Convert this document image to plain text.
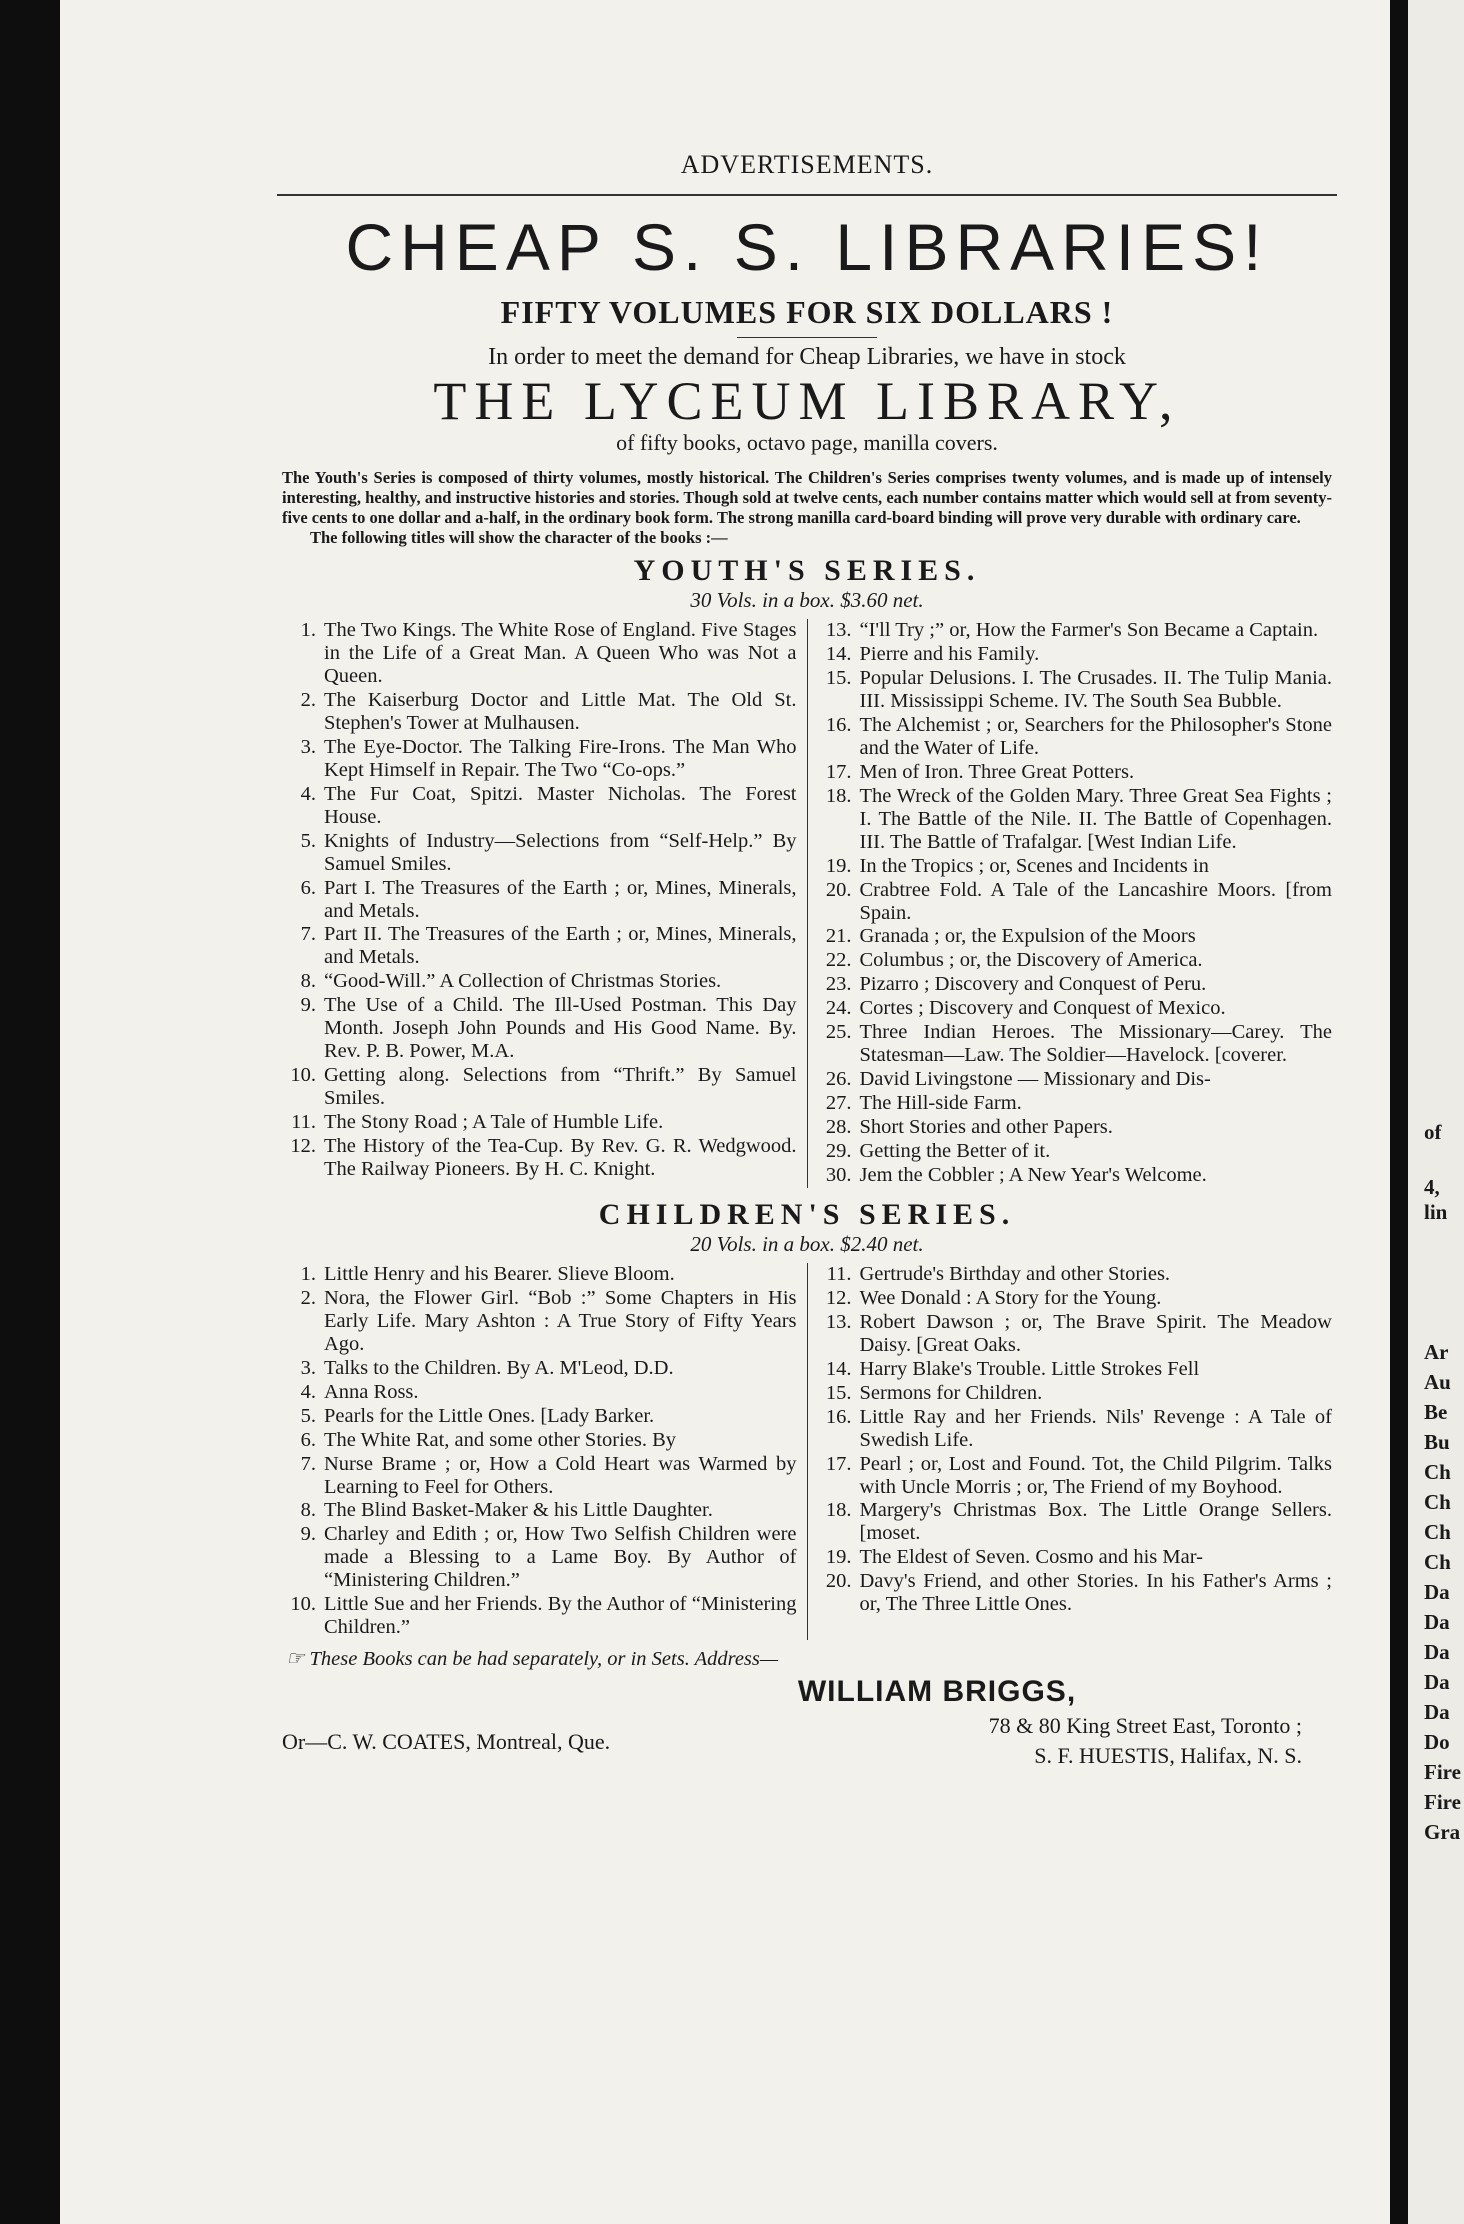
ADVERTISEMENTS.
CHEAP S. S. LIBRARIES!
FIFTY VOLUMES FOR SIX DOLLARS !
In order to meet the demand for Cheap Libraries, we have in stock
THE LYCEUM LIBRARY,
of fifty books, octavo page, manilla covers.
The Youth's Series is composed of thirty volumes, mostly historical. The Children's Series comprises twenty volumes, and is made up of intensely interesting, healthy, and instructive histories and stories. Though sold at twelve cents, each number contains matter which would sell at from seventy-five cents to one dollar and a-half, in the ordinary book form. The strong manilla card-board binding will prove very durable with ordinary care.
The following titles will show the character of the books :—
YOUTH'S SERIES.
30 Vols. in a box. $3.60 net.
1. The Two Kings. The White Rose of England. Five Stages in the Life of a Great Man. A Queen Who was Not a Queen.
2. The Kaiserburg Doctor and Little Mat. The Old St. Stephen's Tower at Mulhausen.
3. The Eye-Doctor. The Talking Fire-Irons. The Man Who Kept Himself in Repair. The Two “Co-ops.”
4. The Fur Coat, Spitzi. Master Nicholas. The Forest House.
5. Knights of Industry—Selections from “Self-Help.” By Samuel Smiles.
6. Part I. The Treasures of the Earth ; or, Mines, Minerals, and Metals.
7. Part II. The Treasures of the Earth ; or, Mines, Minerals, and Metals.
8. “Good-Will.” A Collection of Christmas Stories.
9. The Use of a Child. The Ill-Used Postman. This Day Month. Joseph John Pounds and His Good Name. By. Rev. P. B. Power, M.A.
10. Getting along. Selections from “Thrift.” By Samuel Smiles.
11. The Stony Road ; A Tale of Humble Life.
12. The History of the Tea-Cup. By Rev. G. R. Wedgwood. The Railway Pioneers. By H. C. Knight.
13. “I'll Try ;” or, How the Farmer's Son Became a Captain.
14. Pierre and his Family.
15. Popular Delusions. I. The Crusades. II. The Tulip Mania. III. Mississippi Scheme. IV. The South Sea Bubble.
16. The Alchemist ; or, Searchers for the Philosopher's Stone and the Water of Life.
17. Men of Iron. Three Great Potters.
18. The Wreck of the Golden Mary. Three Great Sea Fights ; I. The Battle of the Nile. II. The Battle of Copenhagen. III. The Battle of Trafalgar. [West Indian Life.
19. In the Tropics ; or, Scenes and Incidents in
20. Crabtree Fold. A Tale of the Lancashire Moors. [from Spain.
21. Granada ; or, the Expulsion of the Moors
22. Columbus ; or, the Discovery of America.
23. Pizarro ; Discovery and Conquest of Peru.
24. Cortes ; Discovery and Conquest of Mexico.
25. Three Indian Heroes. The Missionary—Carey. The Statesman—Law. The Soldier—Havelock. [coverer.
26. David Livingstone — Missionary and Dis-
27. The Hill-side Farm.
28. Short Stories and other Papers.
29. Getting the Better of it.
30. Jem the Cobbler ; A New Year's Welcome.
CHILDREN'S SERIES.
20 Vols. in a box. $2.40 net.
1. Little Henry and his Bearer. Slieve Bloom.
2. Nora, the Flower Girl. “Bob :” Some Chapters in His Early Life. Mary Ashton : A True Story of Fifty Years Ago.
3. Talks to the Children. By A. M'Leod, D.D.
4. Anna Ross.
5. Pearls for the Little Ones. [Lady Barker.
6. The White Rat, and some other Stories. By
7. Nurse Brame ; or, How a Cold Heart was Warmed by Learning to Feel for Others.
8. The Blind Basket-Maker & his Little Daughter.
9. Charley and Edith ; or, How Two Selfish Children were made a Blessing to a Lame Boy. By Author of “Ministering Children.”
10. Little Sue and her Friends. By the Author of “Ministering Children.”
11. Gertrude's Birthday and other Stories.
12. Wee Donald : A Story for the Young.
13. Robert Dawson ; or, The Brave Spirit. The Meadow Daisy. [Great Oaks.
14. Harry Blake's Trouble. Little Strokes Fell
15. Sermons for Children.
16. Little Ray and her Friends. Nils' Revenge : A Tale of Swedish Life.
17. Pearl ; or, Lost and Found. Tot, the Child Pilgrim. Talks with Uncle Morris ; or, The Friend of my Boyhood.
18. Margery's Christmas Box. The Little Orange Sellers. [moset.
19. The Eldest of Seven. Cosmo and his Mar-
20. Davy's Friend, and other Stories. In his Father's Arms ; or, The Three Little Ones.
☞ These Books can be had separately, or in Sets. Address—
WILLIAM BRIGGS,
Or—C. W. COATES, Montreal, Que.
78 & 80 King Street East, Toronto ;
S. F. HUESTIS, Halifax, N. S.
of
4,
lin
Ar
Au
Be
Bu
Ch
Ch
Ch
Ch
Da
Da
Da
Da
Da
Do
Fire
Fire
Gra
